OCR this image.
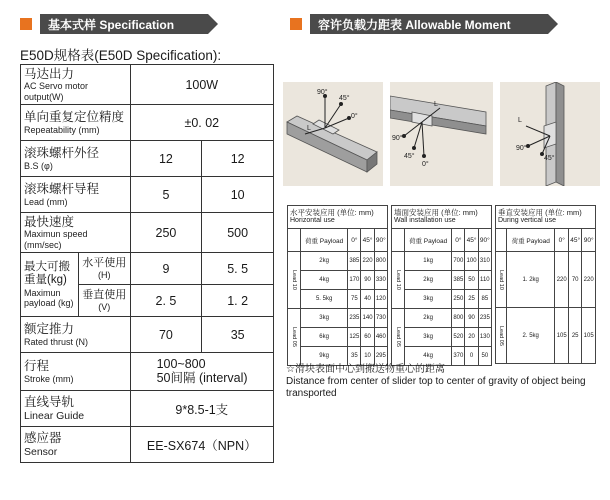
基本式样 Specification	容许负载力距表 Allowable Moment
E50D规格表(E50D Specification):
马达出力
AC Servo motor output(W)		100W	

单向重复定位精度
Repeatability (mm)		±0. 02	

滚珠螺杆外径
B.S (φ)		12	12

滚珠螺杆导程
Lead (mm)		5	10

最快速度
Maximun speed (mm/sec)		250	500

最大可搬重量(kg)
Maximun payload (kg)	水平使用
(H)	9	5. 5
	垂直使用
(V)	2. 5	1. 2

额定推力
Rated thrust (N)		70	35

行程
Stroke (mm)		100~800
50间隔 (interval)	

直线导轨
Linear Guide		9*8.5-1支	

感应器
Sensor		EE-SX674（NPN）	
90°
45°
0°
L
90°
45°
0°
L
L
90°
45°
水平安装应用 (单位: mm)
Horizontal use				

	荷重 Payload	0°	45°	90°
Lead 10	2kg	385	220	800
	4kg	170	90	330
	5. 5kg	75	40	120
Lead 05	3kg	235	140	730
	6kg	125	60	460
	9kg	35	10	295
墙面安装应用 (单位: mm)
Wall installation use				

	荷重 Payload	0°	45°	90°
Lead 10	1kg	700	100	310
	2kg	385	50	110
	3kg	250	25	85
Lead 05	2kg	800	90	235
	3kg	520	20	130
	4kg	370	0	50
垂直安装应用 (单位: mm)
During vertical use				

	荷重 Payload	0°	45°	90°
Lead 10	1. 2kg	220	70	220
Lead 05	2. 5kg	105	25	105
☆滑块表面中心到搬送物重心的距离
Distance from center of slider top to center of gravity of object being transported
